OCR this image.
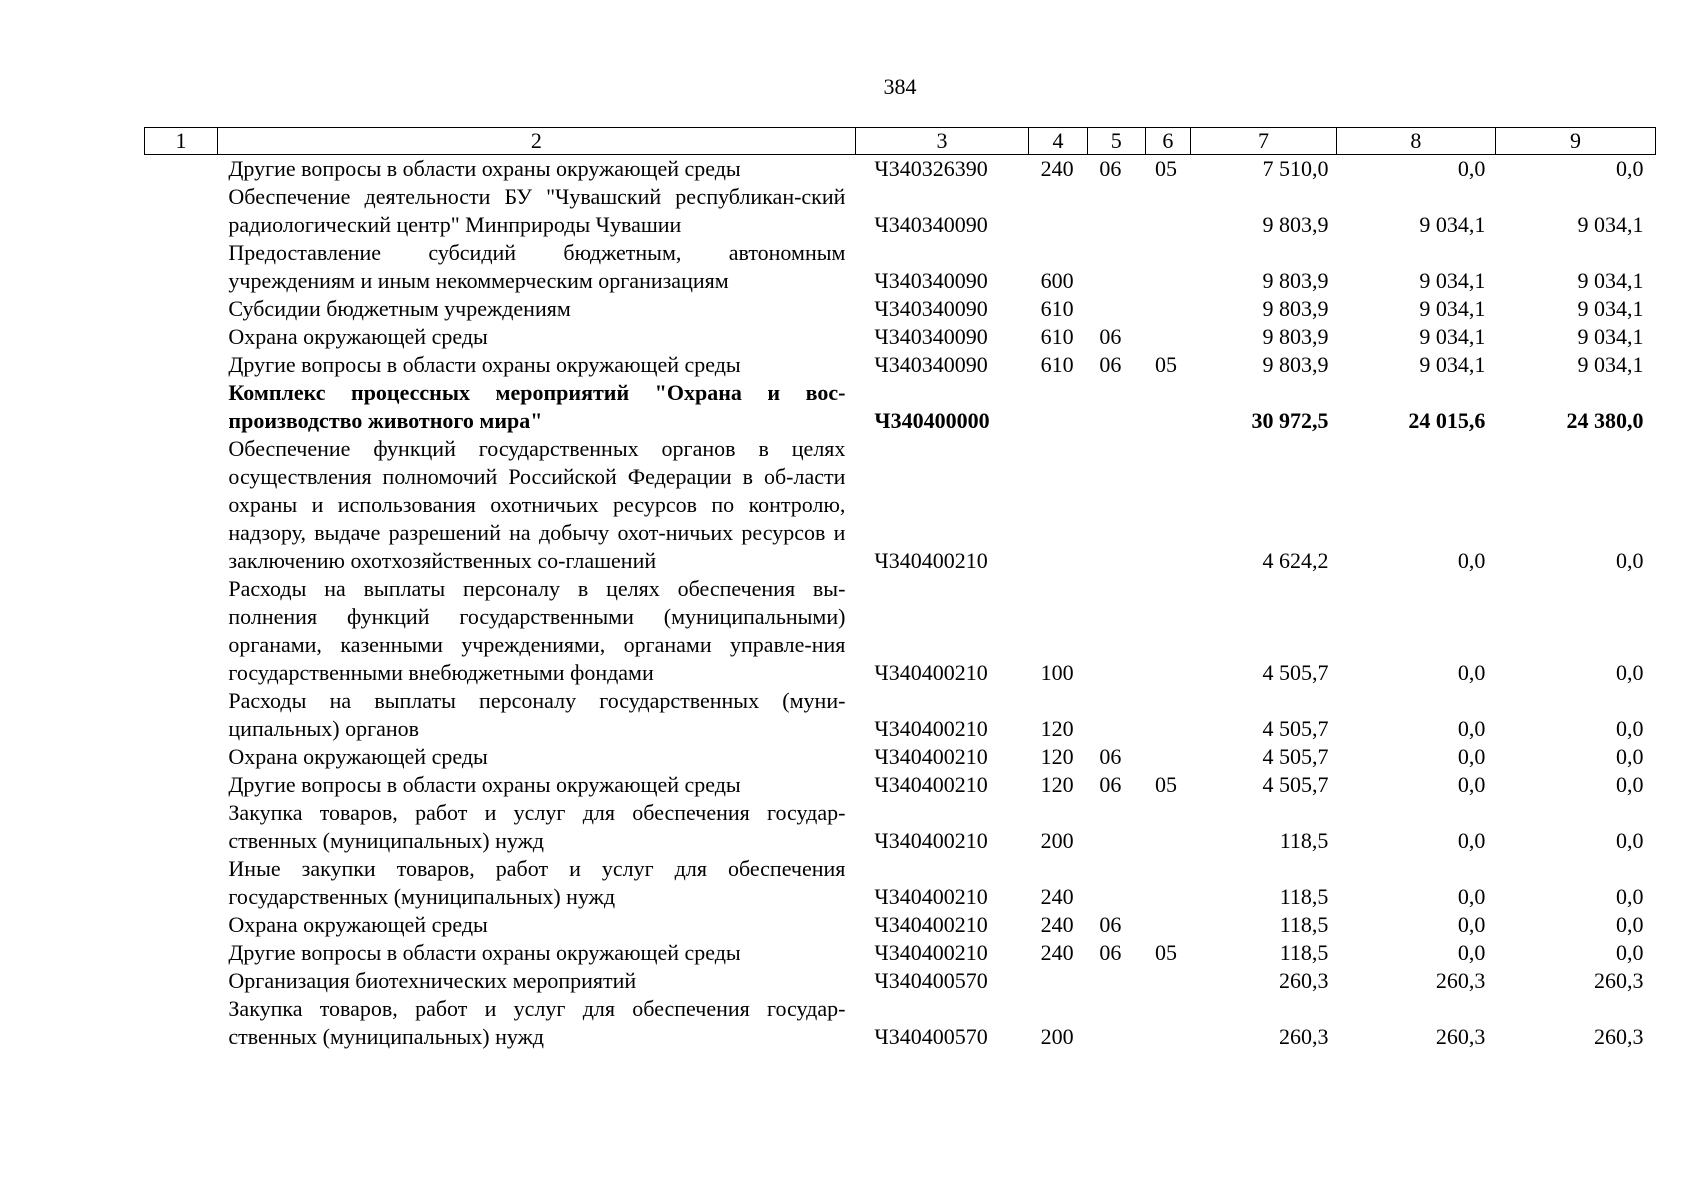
384
1	2	3	4	5	6	7	8	9
	Другие вопросы в области охраны окружающей среды	Ч340326390	240	06	05	7 510,0	0,0	0,0
	Обеспечение деятельности БУ "Чувашский республикан-ский радиологический центр" Минприроды Чувашии	Ч340340090				9 803,9	9 034,1	9 034,1
	Предоставление субсидий бюджетным, автономным учреждениям и иным некоммерческим организациям	Ч340340090	600			9 803,9	9 034,1	9 034,1
	Субсидии бюджетным учреждениям	Ч340340090	610			9 803,9	9 034,1	9 034,1
	Охрана окружающей среды	Ч340340090	610	06		9 803,9	9 034,1	9 034,1
	Другие вопросы в области охраны окружающей среды	Ч340340090	610	06	05	9 803,9	9 034,1	9 034,1
	Комплекс процессных мероприятий "Охрана и вос-производство животного мира"	Ч340400000				30 972,5	24 015,6	24 380,0
	Обеспечение функций государственных органов в целях осуществления полномочий Российской Федерации в об-ласти охраны и использования охотничьих ресурсов по контролю, надзору, выдаче разрешений на добычу охот-ничьих ресурсов и заключению охотхозяйственных со-глашений	Ч340400210				4 624,2	0,0	0,0
	Расходы на выплаты персоналу в целях обеспечения вы-полнения функций государственными (муниципальными) органами, казенными учреждениями, органами управле-ния государственными внебюджетными фондами	Ч340400210	100			4 505,7	0,0	0,0
	Расходы на выплаты персоналу государственных (муни-ципальных) органов	Ч340400210	120			4 505,7	0,0	0,0
	Охрана окружающей среды	Ч340400210	120	06		4 505,7	0,0	0,0
	Другие вопросы в области охраны окружающей среды	Ч340400210	120	06	05	4 505,7	0,0	0,0
	Закупка товаров, работ и услуг для обеспечения государ-ственных (муниципальных) нужд	Ч340400210	200			118,5	0,0	0,0
	Иные закупки товаров, работ и услуг для обеспечения государственных (муниципальных) нужд	Ч340400210	240			118,5	0,0	0,0
	Охрана окружающей среды	Ч340400210	240	06		118,5	0,0	0,0
	Другие вопросы в области охраны окружающей среды	Ч340400210	240	06	05	118,5	0,0	0,0
	Организация биотехнических мероприятий	Ч340400570				260,3	260,3	260,3
	Закупка товаров, работ и услуг для обеспечения государ-ственных (муниципальных) нужд	Ч340400570	200			260,3	260,3	260,3
